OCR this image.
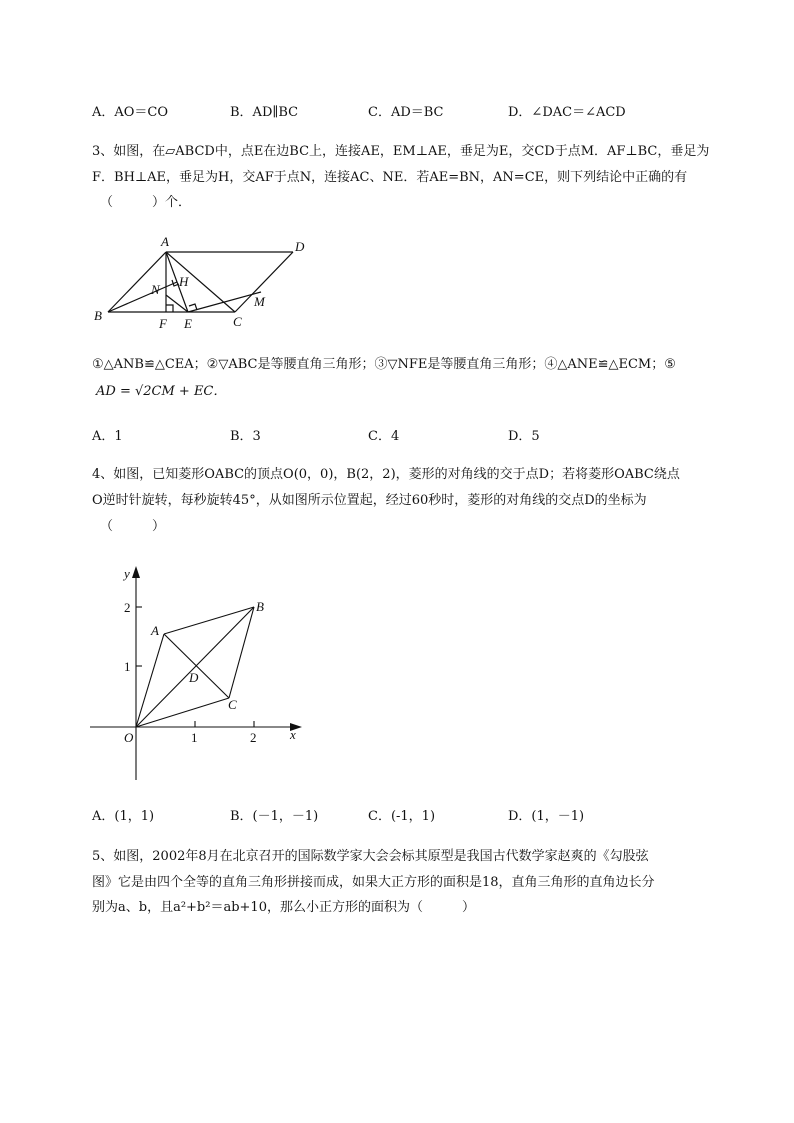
A．AO＝CO	B．AD∥BC	C．AD＝BC	D．∠DAC＝∠ACD
3、如图，在▱ABCD中，点E在边BC上，连接AE，EM⊥AE，垂足为E，交CD于点M．AF⊥BC，垂足为
F．BH⊥AE，垂足为H，交AF于点N，连接AC、NE．若AE=BN，AN=CE，则下列结论中正确的有
（　　　）个．
A	D
H
N
M
B
F E	C
①△ANB≌△CEA；②▽ABC是等腰直角三角形；③▽NFE是等腰直角三角形；④△ANE≌△ECM；⑤
AD = √2CM + EC．
A．1	B．3	C．4	D．5
4、如图，已知菱形OABC的顶点O(0，0)，B(2，2)，菱形的对角线的交于点D；若将菱形OABC绕点
O逆时针旋转，每秒旋转45°，从如图所示位置起，经过60秒时，菱形的对角线的交点D的坐标为
（　　　）
y
x
O
2
1
1	2
A
B
D
C
A．(1，1)	B．(－1，－1)	C．(-1，1)	D．(1，－1)
5、如图，2002年8月在北京召开的国际数学家大会会标其原型是我国古代数学家赵爽的《勾股弦
图》它是由四个全等的直角三角形拼接而成，如果大正方形的面积是18，直角三角形的直角边长分
别为a、b，且a²+b²＝ab+10，那么小正方形的面积为（　　　）
